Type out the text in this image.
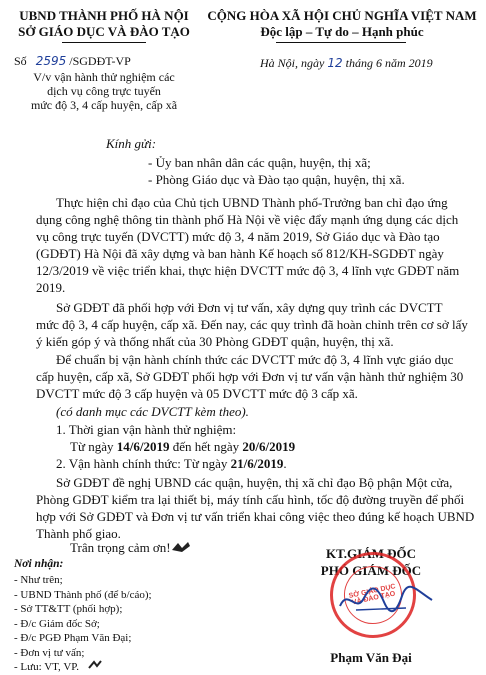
UBND THÀNH PHỐ HÀ NỘI
SỞ GIÁO DỤC VÀ ĐÀO TẠO
Số 2595 /SGDĐT-VP
V/v vận hành thử nghiệm các
dịch vụ công trực tuyến
mức độ 3, 4 cấp huyện, cấp xã
CỘNG HÒA XÃ HỘI CHỦ NGHĨA VIỆT NAM
Độc lập – Tự do – Hạnh phúc
Hà Nội, ngày 12 tháng 6 năm 2019
Kính gửi:
- Ủy ban nhân dân các quận, huyện, thị xã;
- Phòng Giáo dục và Đào tạo quận, huyện, thị xã.
Thực hiện chỉ đạo của Chủ tịch UBND Thành phố-Trưởng ban chỉ đạo ứng
dụng công nghệ thông tin thành phố Hà Nội về việc đẩy mạnh ứng dụng các dịch
vụ công trực tuyến (DVCTT) mức độ 3, 4 năm 2019, Sở Giáo dục và Đào tạo
(GDĐT) Hà Nội đã xây dựng và ban hành Kế hoạch số 812/KH-SGDĐT ngày
12/3/2019 về việc triển khai, thực hiện DVCTT mức độ 3, 4 lĩnh vực GDĐT năm
2019.
Sở GDĐT đã phối hợp với Đơn vị tư vấn, xây dựng quy trình các DVCTT
mức độ 3, 4 cấp huyện, cấp xã. Đến nay, các quy trình đã hoàn chỉnh trên cơ sở lấy
ý kiến góp ý và thống nhất của 30 Phòng GDĐT quận, huyện, thị xã.
Để chuẩn bị vận hành chính thức các DVCTT mức độ 3, 4 lĩnh vực giáo dục
cấp huyện, cấp xã, Sở GDĐT phối hợp với Đơn vị tư vấn vận hành thử nghiệm 30
DVCTT mức độ 3 cấp huyện và 05 DVCTT mức độ 3 cấp xã.
(có danh mục các DVCTT kèm theo).
1. Thời gian vận hành thử nghiệm:
Từ ngày 14/6/2019 đến hết ngày 20/6/2019
2. Vận hành chính thức: Từ ngày 21/6/2019.
Sở GDĐT đề nghị UBND các quận, huyện, thị xã chỉ đạo Bộ phận Một cửa,
Phòng GDĐT kiểm tra lại thiết bị, máy tính cấu hình, tốc độ đường truyền để phối
hợp với Sở GDĐT và Đơn vị tư vấn triển khai công việc theo đúng kế hoạch UBND
Thành phố giao.
Trân trọng cảm ơn!
Nơi nhận:
- Như trên;
- UBND Thành phố (để b/cáo);
- Sở TT&TT (phối hợp);
- Đ/c Giám đốc Sở;
- Đ/c PGĐ Phạm Văn Đại;
- Đơn vị tư vấn;
- Lưu: VT, VP.
KT.GIÁM ĐỐC
PHÓ GIÁM ĐỐC
SỞ GIÁO DỤC VÀ ĐÀO TẠO
Phạm Văn Đại
